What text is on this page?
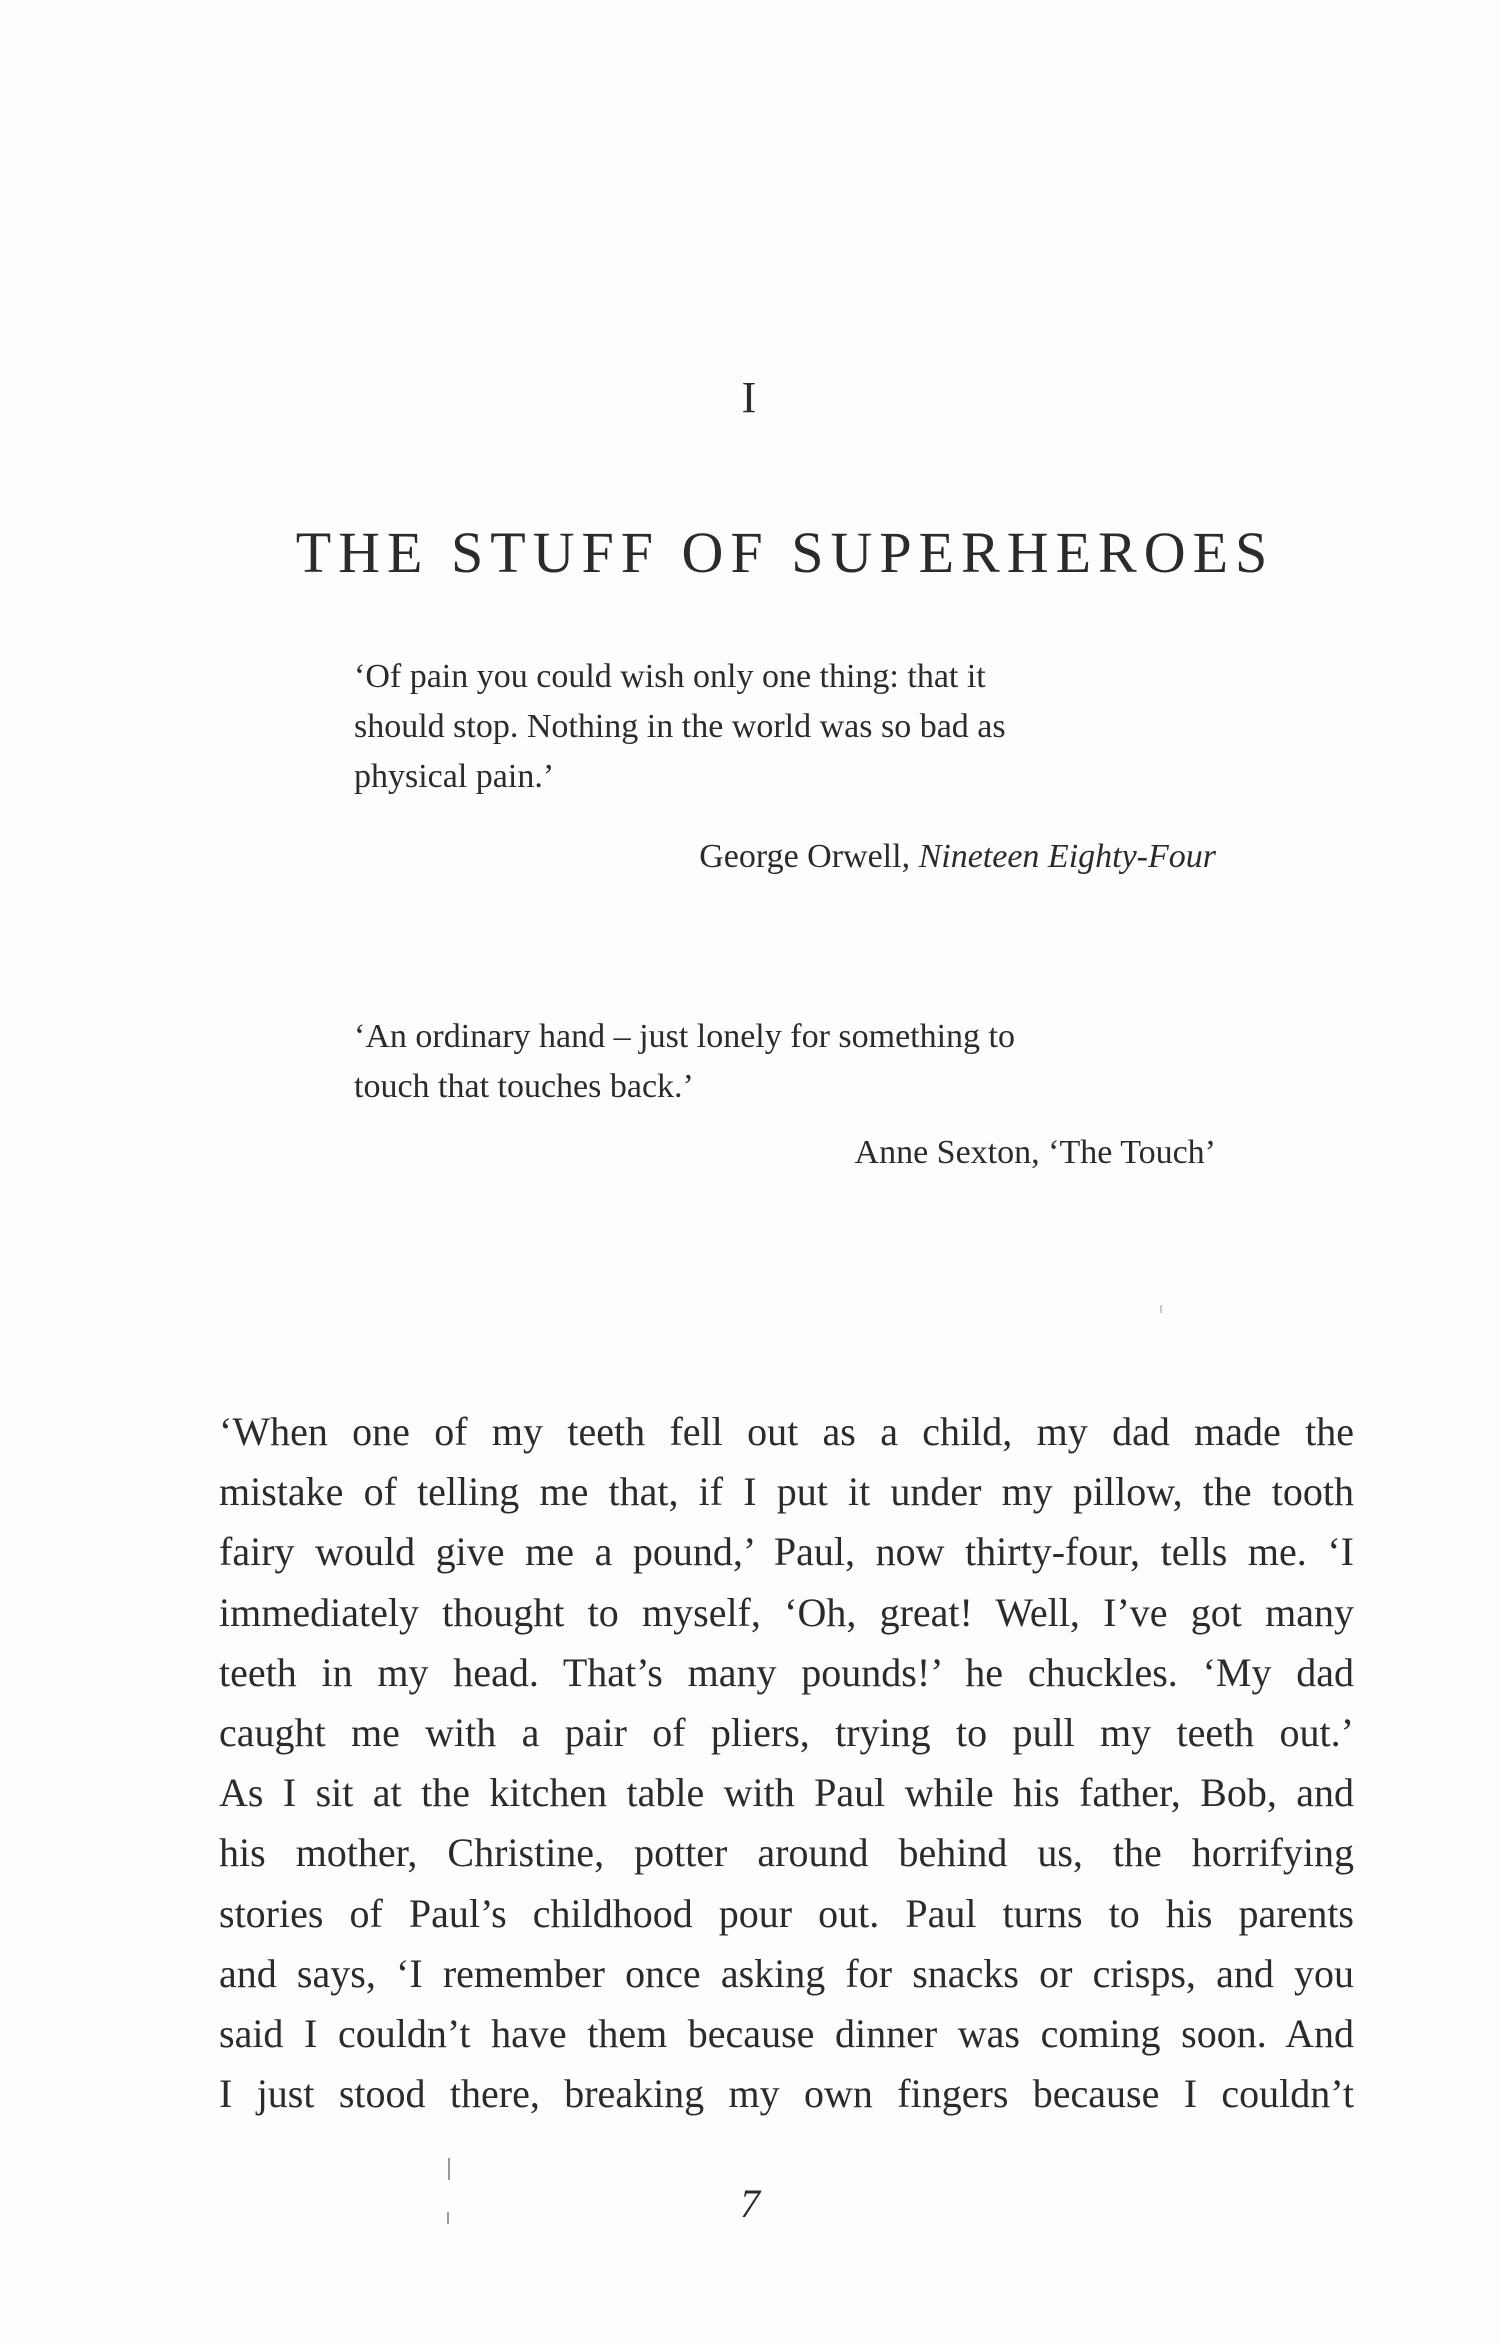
I
THE STUFF OF SUPERHEROES

‘Of pain you could wish only one thing: that it
should stop. Nothing in the world was so bad as
physical pain.’

George Orwell, Nineteen Eighty-Four

‘An ordinary hand – just lonely for something to
touch that touches back.’

Anne Sexton, ‘The Touch’

‘When one of my teeth fell out as a child, my dad made the
mistake of telling me that, if I put it under my pillow, the tooth
fairy would give me a pound,’ Paul, now thirty-four, tells me. ‘I
immediately thought to myself, ‘Oh, great! Well, I’ve got many
teeth in my head. That’s many pounds!’ he chuckles. ‘My dad
caught me with a pair of pliers, trying to pull my teeth out.’
As I sit at the kitchen table with Paul while his father, Bob, and
his mother, Christine, potter around behind us, the horrifying
stories of Paul’s childhood pour out. Paul turns to his parents
and says, ‘I remember once asking for snacks or crisps, and you
said I couldn’t have them because dinner was coming soon. And
I just stood there, breaking my own fingers because I couldn’t
7
